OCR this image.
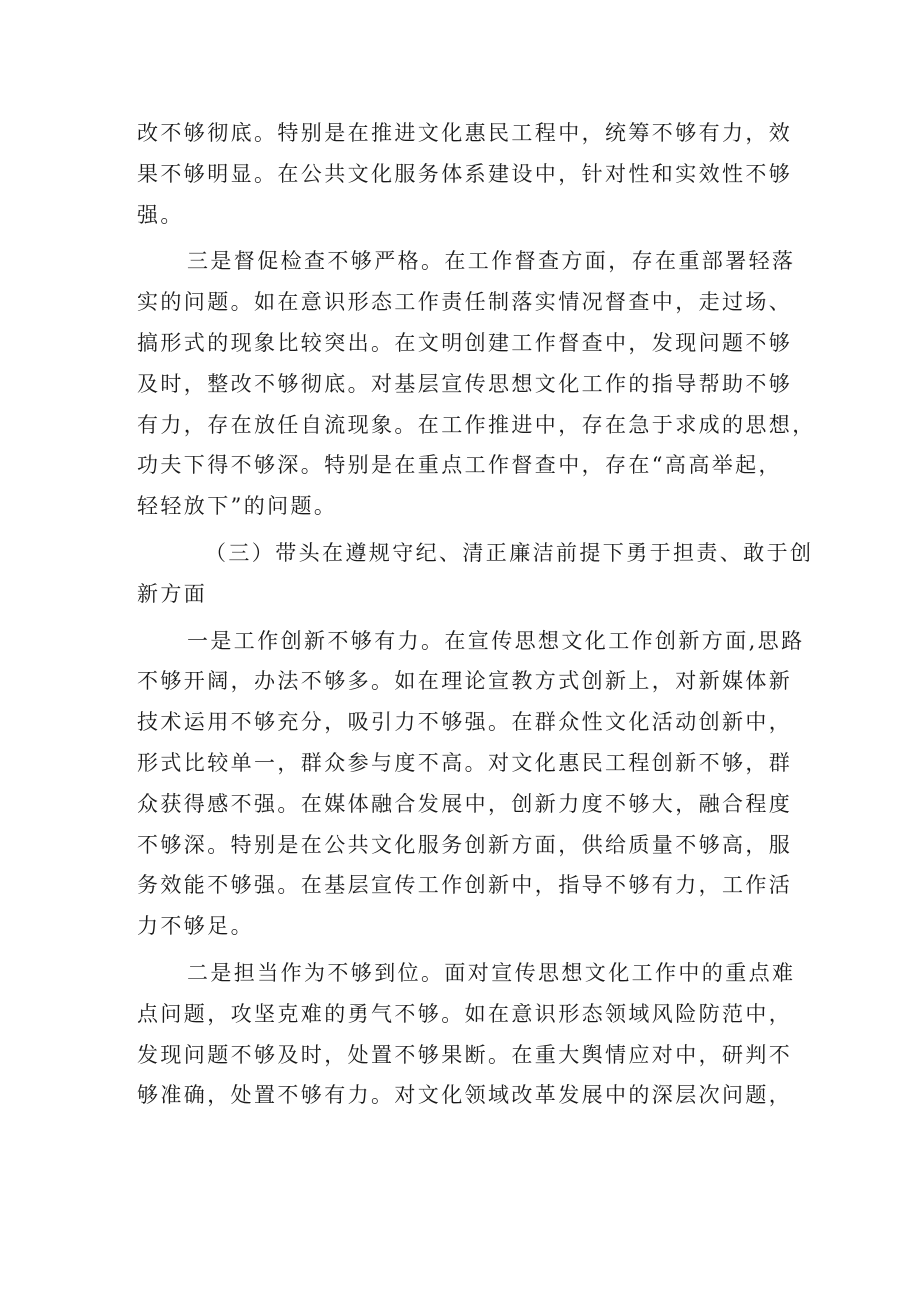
改不够彻底。特别是在推进文化惠民工程中，统筹不够有力，效
果不够明显。在公共文化服务体系建设中，针对性和实效性不够
强。
三是督促检查不够严格。在工作督查方面，存在重部署轻落
实的问题。如在意识形态工作责任制落实情况督查中，走过场、
搞形式的现象比较突出。在文明创建工作督查中，发现问题不够
及时，整改不够彻底。对基层宣传思想文化工作的指导帮助不够
有力，存在放任自流现象。在工作推进中，存在急于求成的思想，
功夫下得不够深。特别是在重点工作督查中，存在“高高举起，
轻轻放下”的问题。
（三）带头在遵规守纪、清正廉洁前提下勇于担责、敢于创
新方面
一是工作创新不够有力。在宣传思想文化工作创新方面,思路
不够开阔，办法不够多。如在理论宣教方式创新上，对新媒体新
技术运用不够充分，吸引力不够强。在群众性文化活动创新中，
形式比较单一，群众参与度不高。对文化惠民工程创新不够，群
众获得感不强。在媒体融合发展中，创新力度不够大，融合程度
不够深。特别是在公共文化服务创新方面，供给质量不够高，服
务效能不够强。在基层宣传工作创新中，指导不够有力，工作活
力不够足。
二是担当作为不够到位。面对宣传思想文化工作中的重点难
点问题，攻坚克难的勇气不够。如在意识形态领域风险防范中，
发现问题不够及时，处置不够果断。在重大舆情应对中，研判不
够准确，处置不够有力。对文化领域改革发展中的深层次问题，
